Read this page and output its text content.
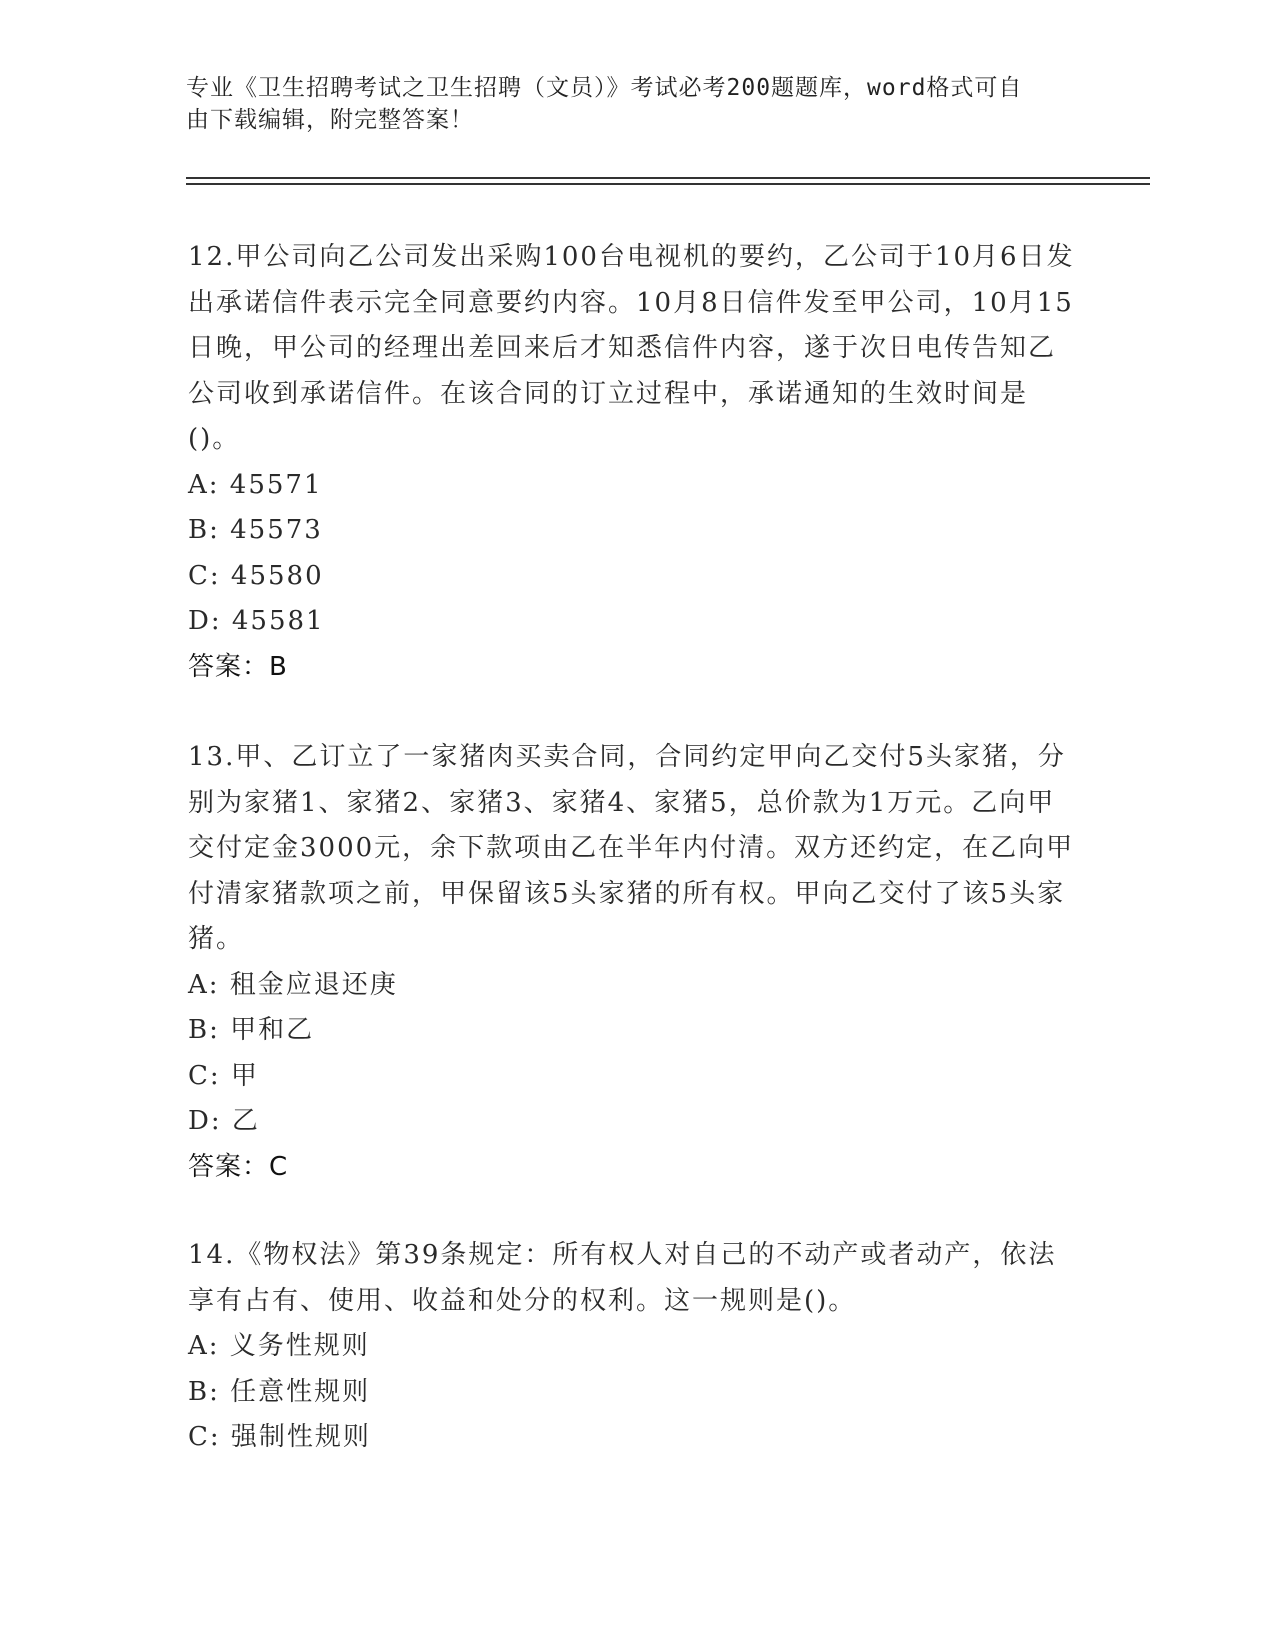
专业《卫生招聘考试之卫生招聘（文员）》考试必考200题题库，word格式可自
由下载编辑，附完整答案！
12.甲公司向乙公司发出采购100台电视机的要约，乙公司于10月6日发出承诺信件表示完全同意要约内容。10月8日信件发至甲公司，10月15日晚，甲公司的经理出差回来后才知悉信件内容，遂于次日电传告知乙公司收到承诺信件。在该合同的订立过程中，承诺通知的生效时间是()。
A: 45571
B: 45573
C: 45580
D: 45581
答案：B
13.甲、乙订立了一家猪肉买卖合同，合同约定甲向乙交付5头家猪，分别为家猪1、家猪2、家猪3、家猪4、家猪5，总价款为1万元。乙向甲交付定金3000元，余下款项由乙在半年内付清。双方还约定，在乙向甲付清家猪款项之前，甲保留该5头家猪的所有权。甲向乙交付了该5头家猪。
A: 租金应退还庚
B: 甲和乙
C: 甲
D: 乙
答案：C
14.《物权法》第39条规定：所有权人对自己的不动产或者动产，依法享有占有、使用、收益和处分的权利。这一规则是()。
A: 义务性规则
B: 任意性规则
C: 强制性规则
